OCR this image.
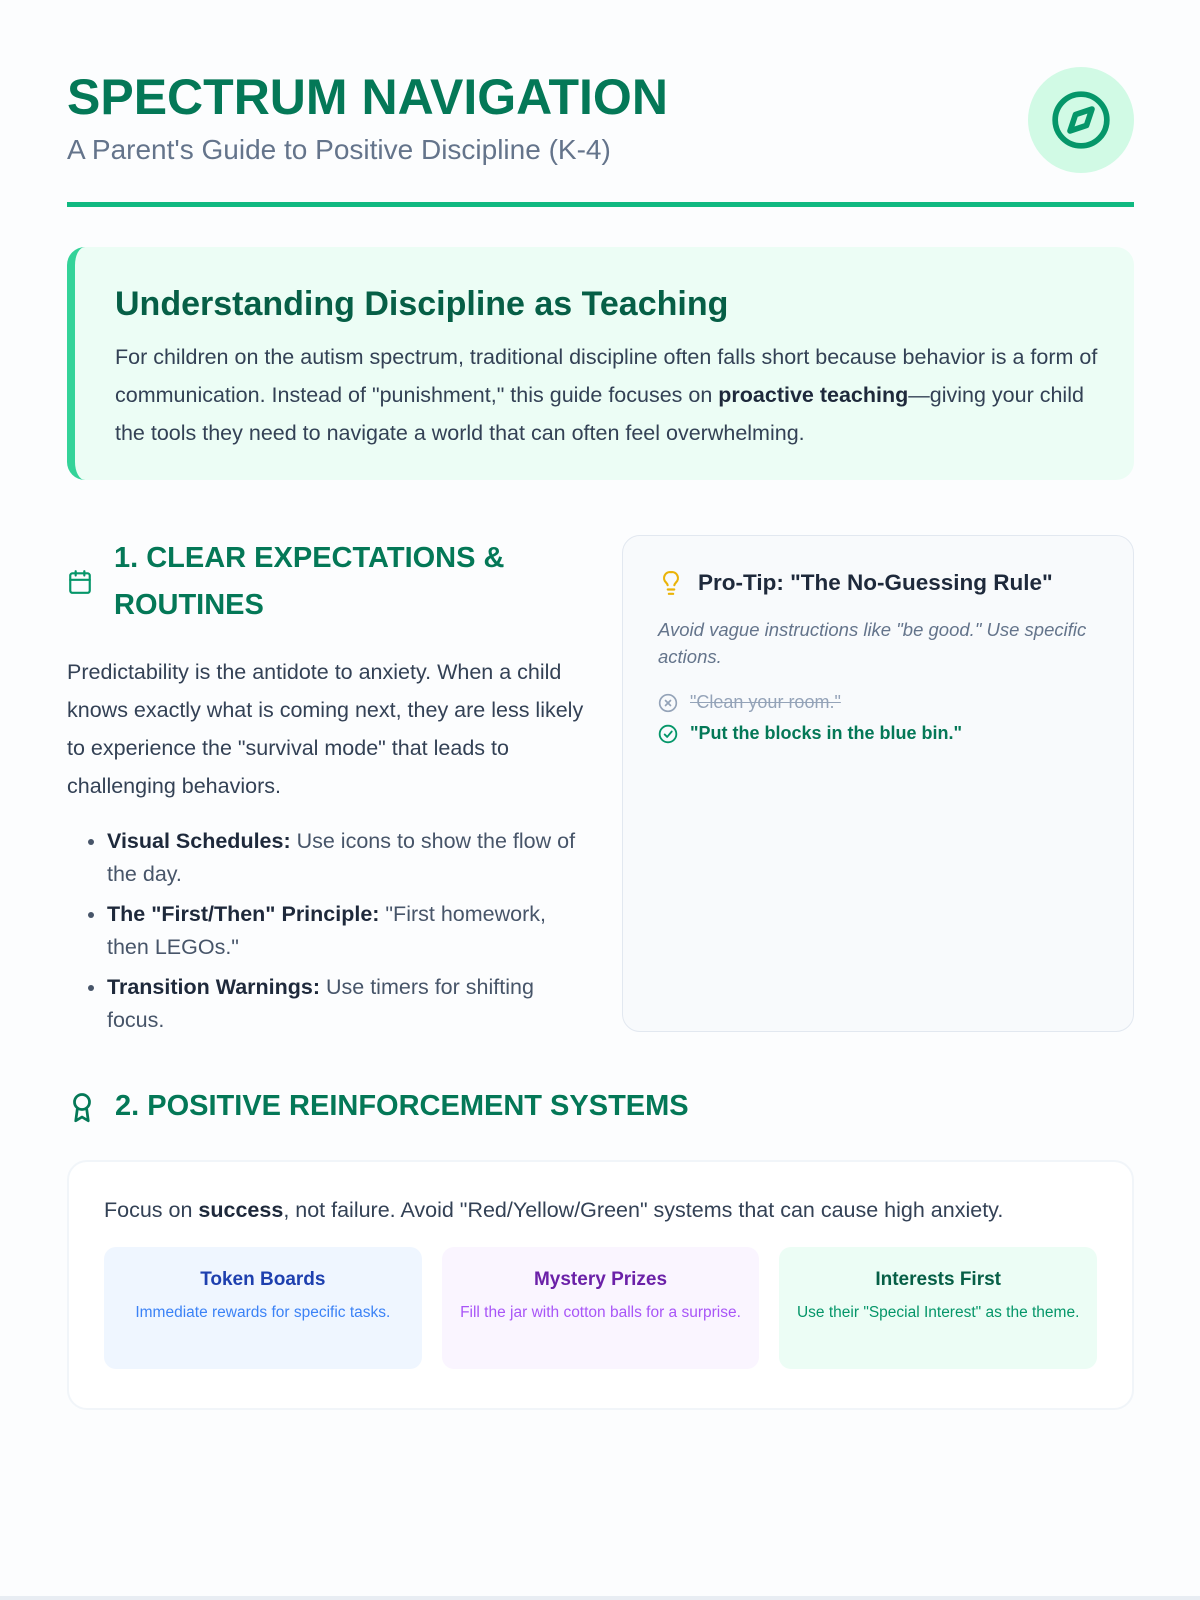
SPECTRUM NAVIGATION
A Parent's Guide to Positive Discipline (K-4)
Understanding Discipline as Teaching

For children on the autism spectrum, traditional discipline often falls short because behavior is a form of communication. Instead of "punishment," this guide focuses on proactive teaching—giving your child the tools they need to navigate a world that can often feel overwhelming.

1. CLEAR EXPECTATIONS & ROUTINES

Predictability is the antidote to anxiety. When a child knows exactly what is coming next, they are less likely to experience the "survival mode" that leads to challenging behaviors.

• Visual Schedules: Use icons to show the flow of the day.
• The "First/Then" Principle: "First homework, then LEGOs."
• Transition Warnings: Use timers for shifting focus.
Pro-Tip: "The No-Guessing Rule"

Avoid vague instructions like "be good." Use specific actions.

"Clean your room."
"Put the blocks in the blue bin."
2. POSITIVE REINFORCEMENT SYSTEMS

Focus on success, not failure. Avoid "Red/Yellow/Green" systems that can cause high anxiety.

Token Boards
Immediate rewards for specific tasks.
Mystery Prizes
Fill the jar with cotton balls for a surprise.
Interests First
Use their "Special Interest" as the theme.
